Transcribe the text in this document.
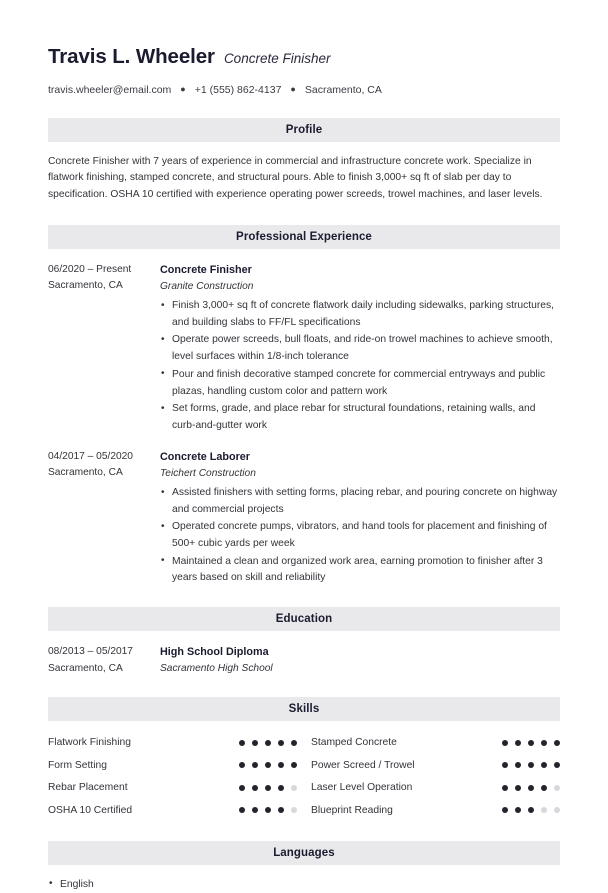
Travis L. Wheeler Concrete Finisher
travis.wheeler@email.com ● +1 (555) 862-4137 ● Sacramento, CA
Profile
Concrete Finisher with 7 years of experience in commercial and infrastructure concrete work. Specialize in flatwork finishing, stamped concrete, and structural pours. Able to finish 3,000+ sq ft of slab per day to specification. OSHA 10 certified with experience operating power screeds, trowel machines, and laser levels.
Professional Experience
06/2020 – Present
Sacramento, CA
Concrete Finisher
Granite Construction
• Finish 3,000+ sq ft of concrete flatwork daily including sidewalks, parking structures, and building slabs to FF/FL specifications
• Operate power screeds, bull floats, and ride-on trowel machines to achieve smooth, level surfaces within 1/8-inch tolerance
• Pour and finish decorative stamped concrete for commercial entryways and public plazas, handling custom color and pattern work
• Set forms, grade, and place rebar for structural foundations, retaining walls, and curb-and-gutter work
04/2017 – 05/2020
Sacramento, CA
Concrete Laborer
Teichert Construction
• Assisted finishers with setting forms, placing rebar, and pouring concrete on highway and commercial projects
• Operated concrete pumps, vibrators, and hand tools for placement and finishing of 500+ cubic yards per week
• Maintained a clean and organized work area, earning promotion to finisher after 3 years based on skill and reliability
Education
08/2013 – 05/2017
Sacramento, CA
High School Diploma
Sacramento High School
Skills
Flatwork Finishing	Stamped Concrete
Form Setting	Power Screed / Trowel
Rebar Placement	Laser Level Operation
OSHA 10 Certified	Blueprint Reading
Languages
• English
